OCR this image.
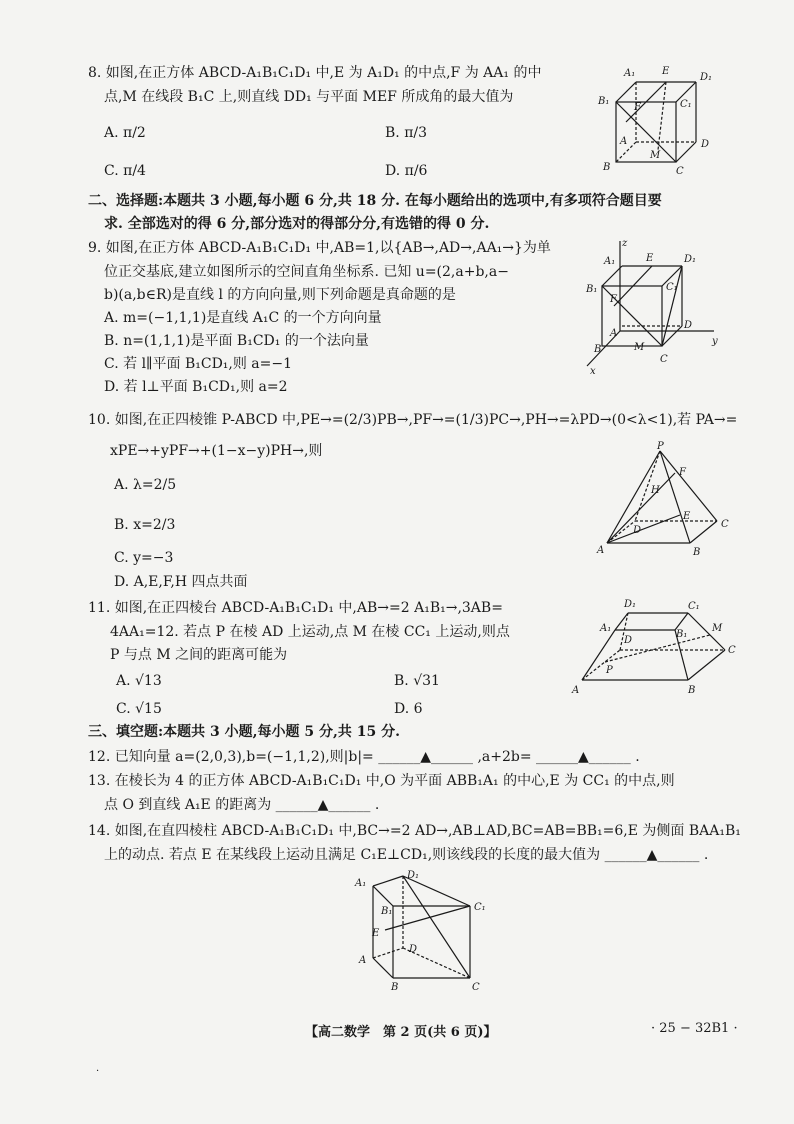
8. 如图,在正方体 ABCD-A₁B₁C₁D₁ 中,E 为 A₁D₁ 的中点,F 为 AA₁ 的中
点,M 在线段 B₁C 上,则直线 DD₁ 与平面 MEF 所成角的最大值为
A. π/2	B. π/3
C. π/4	D. π/6
A₁	E
D₁
B₁	C₁
F
A
M
D
B	C
二、选择题:本题共 3 小题,每小题 6 分,共 18 分. 在每小题给出的选项中,有多项符合题目要
求. 全部选对的得 6 分,部分选对的得部分分,有选错的得 0 分.
9. 如图,在正方体 ABCD-A₁B₁C₁D₁ 中,AB=1,以{AB→,AD→,AA₁→}为单
位正交基底,建立如图所示的空间直角坐标系. 已知 u=(2,a+b,a−
b)(a,b∈R)是直线 l 的方向向量,则下列命题是真命题的是
A. m=(−1,1,1)是直线 A₁C 的一个方向向量
B. n=(1,1,1)是平面 B₁CD₁ 的一个法向量
C. 若 l∥平面 B₁CD₁,则 a=−1
D. 若 l⊥平面 B₁CD₁,则 a=2
z
E	D₁
A₁
B₁
F
C₁
A
D
y
B	M
C
x
10. 如图,在正四棱锥 P-ABCD 中,PE→=(2/3)PB→,PF→=(1/3)PC→,PH→=λPD→(0<λ<1),若 PA→=
xPE→+yPF→+(1−x−y)PH→,则
A. λ=2/5
B. x=2/3
C. y=−3
D. A,E,F,H 四点共面
P
F
H
E
C
D
A	B
11. 如图,在正四棱台 ABCD-A₁B₁C₁D₁ 中,AB→=2 A₁B₁→,3AB=
4AA₁=12. 若点 P 在棱 AD 上运动,点 M 在棱 CC₁ 上运动,则点
P 与点 M 之间的距离可能为
A. √13	B. √31
C. √15	D. 6
D₁	C₁
A₁
D
B₁
M
C
P
A	B
三、填空题:本题共 3 小题,每小题 5 分,共 15 分.
12. 已知向量 a=(2,0,3),b=(−1,1,2),则|b|= ______▲______ ,a+2b= ______▲______ .
13. 在棱长为 4 的正方体 ABCD-A₁B₁C₁D₁ 中,O 为平面 ABB₁A₁ 的中心,E 为 CC₁ 的中点,则
点 O 到直线 A₁E 的距离为 ______▲______ .
14. 如图,在直四棱柱 ABCD-A₁B₁C₁D₁ 中,BC→=2 AD→,AB⊥AD,BC=AB=BB₁=6,E 为侧面 BAA₁B₁
上的动点. 若点 E 在某线段上运动且满足 C₁E⊥CD₁,则该线段的长度的最大值为 ______▲______ .
A₁
D₁
B₁	C₁
E
D
A
B	C
【高二数学　第 2 页(共 6 页)】	· 25 − 32B1 ·
·
